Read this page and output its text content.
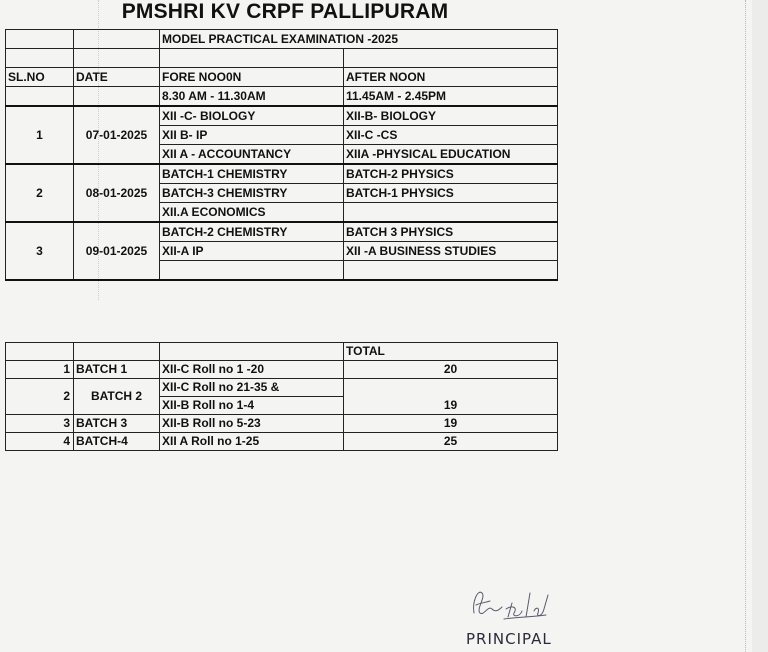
PMSHRI KV CRPF PALLIPURAM
		MODEL PRACTICAL EXAMINATION -2025	

SL.NO	DATE	FORE NOO0N	AFTER NOON
		8.30 AM - 11.30AM	11.45AM - 2.45PM
1	07-01-2025	XII -C- BIOLOGY	XII-B- BIOLOGY
		XII B- IP	XII-C -CS
		XII A - ACCOUNTANCY	XIIA -PHYSICAL EDUCATION
2	08-01-2025	BATCH-1 CHEMISTRY	BATCH-2 PHYSICS
		BATCH-3 CHEMISTRY	BATCH-1 PHYSICS
		XII.A ECONOMICS	
3	09-01-2025	BATCH-2 CHEMISTRY	BATCH 3 PHYSICS
		XII-A IP	XII -A BUSINESS STUDIES

			TOTAL
1	BATCH 1	XII-C Roll no 1 -20	20
2	BATCH 2	XII-C Roll no 21-35 &	19
		XII-B Roll no 1-4	
3	BATCH 3	XII-B Roll no 5-23	19
4	BATCH-4	XII A Roll no 1-25	25
PRINCIPAL
